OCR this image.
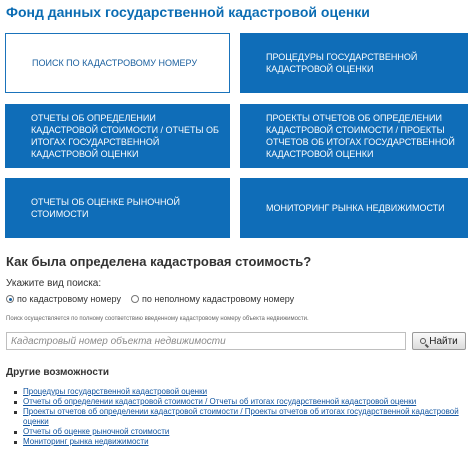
Фонд данных государственной кадастровой оценки
ПОИСК ПО КАДАСТРОВОМУ НОМЕРУ
ПРОЦЕДУРЫ ГОСУДАРСТВЕННОЙ КАДАСТРОВОЙ ОЦЕНКИ
ОТЧЕТЫ ОБ ОПРЕДЕЛЕНИИ КАДАСТРОВОЙ СТОИМОСТИ / ОТЧЕТЫ ОБ ИТОГАХ ГОСУДАРСТВЕННОЙ КАДАСТРОВОЙ ОЦЕНКИ
ПРОЕКТЫ ОТЧЕТОВ ОБ ОПРЕДЕЛЕНИИ КАДАСТРОВОЙ СТОИМОСТИ / ПРОЕКТЫ ОТЧЕТОВ ОБ ИТОГАХ ГОСУДАРСТВЕННОЙ КАДАСТРОВОЙ ОЦЕНКИ
ОТЧЕТЫ ОБ ОЦЕНКЕ РЫНОЧНОЙ СТОИМОСТИ
МОНИТОРИНГ РЫНКА НЕДВИЖИМОСТИ
Как была определена кадастровая стоимость?
Укажите вид поиска:
по кадастровому номеру по неполному кадастровому номеру
Поиск осуществляется по полному соответствию введенному кадастровому номеру объекта недвижимости.
Кадастровый номер объекта недвижимости
Найти
Другие возможности
Процедуры государственной кадастровой оценки
Отчеты об определении кадастровой стоимости / Отчеты об итогах государственной кадастровой оценки
Проекты отчетов об определении кадастровой стоимости / Проекты отчетов об итогах государственной кадастровой оценки
Отчеты об оценке рыночной стоимости
Мониторинг рынка недвижимости
